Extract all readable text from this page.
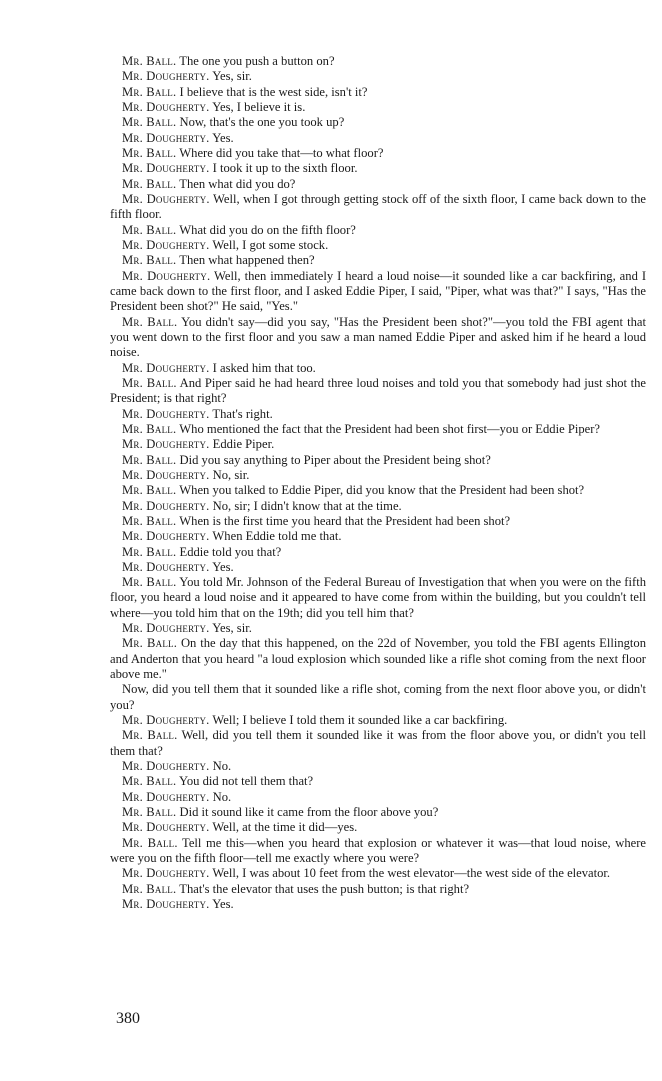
Mr. Ball. The one you push a button on?

Mr. Dougherty. Yes, sir.

Mr. Ball. I believe that is the west side, isn't it?

Mr. Dougherty. Yes, I believe it is.

Mr. Ball. Now, that's the one you took up?

Mr. Dougherty. Yes.

Mr. Ball. Where did you take that—to what floor?

Mr. Dougherty. I took it up to the sixth floor.

Mr. Ball. Then what did you do?

Mr. Dougherty. Well, when I got through getting stock off of the sixth floor, I came back down to the fifth floor.

Mr. Ball. What did you do on the fifth floor?

Mr. Dougherty. Well, I got some stock.

Mr. Ball. Then what happened then?

Mr. Dougherty. Well, then immediately I heard a loud noise—it sounded like a car backfiring, and I came back down to the first floor, and I asked Eddie Piper, I said, "Piper, what was that?" I says, "Has the President been shot?" He said, "Yes."

Mr. Ball. You didn't say—did you say, "Has the President been shot?"—you told the FBI agent that you went down to the first floor and you saw a man named Eddie Piper and asked him if he heard a loud noise.

Mr. Dougherty. I asked him that too.

Mr. Ball. And Piper said he had heard three loud noises and told you that somebody had just shot the President; is that right?

Mr. Dougherty. That's right.

Mr. Ball. Who mentioned the fact that the President had been shot first—you or Eddie Piper?

Mr. Dougherty. Eddie Piper.

Mr. Ball. Did you say anything to Piper about the President being shot?

Mr. Dougherty. No, sir.

Mr. Ball. When you talked to Eddie Piper, did you know that the President had been shot?

Mr. Dougherty. No, sir; I didn't know that at the time.

Mr. Ball. When is the first time you heard that the President had been shot?

Mr. Dougherty. When Eddie told me that.

Mr. Ball. Eddie told you that?

Mr. Dougherty. Yes.

Mr. Ball. You told Mr. Johnson of the Federal Bureau of Investigation that when you were on the fifth floor, you heard a loud noise and it appeared to have come from within the building, but you couldn't tell where—you told him that on the 19th; did you tell him that?

Mr. Dougherty. Yes, sir.

Mr. Ball. On the day that this happened, on the 22d of November, you told the FBI agents Ellington and Anderton that you heard "a loud explosion which sounded like a rifle shot coming from the next floor above me."

Now, did you tell them that it sounded like a rifle shot, coming from the next floor above you, or didn't you?

Mr. Dougherty. Well; I believe I told them it sounded like a car backfiring.

Mr. Ball. Well, did you tell them it sounded like it was from the floor above you, or didn't you tell them that?

Mr. Dougherty. No.

Mr. Ball. You did not tell them that?

Mr. Dougherty. No.

Mr. Ball. Did it sound like it came from the floor above you?

Mr. Dougherty. Well, at the time it did—yes.

Mr. Ball. Tell me this—when you heard that explosion or whatever it was—that loud noise, where were you on the fifth floor—tell me exactly where you were?

Mr. Dougherty. Well, I was about 10 feet from the west elevator—the west side of the elevator.

Mr. Ball. That's the elevator that uses the push button; is that right?

Mr. Dougherty. Yes.

380
